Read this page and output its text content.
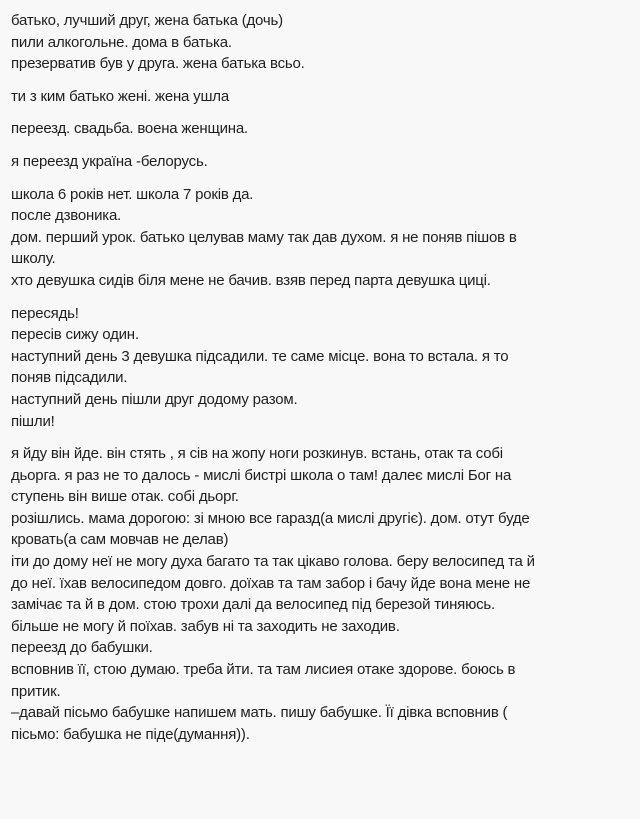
батько, лучший друг, жена батька (дочь)
пили алкогольне. дома в батька.
презерватив був у друга. жена батька всьо.

ти з ким батько жені. жена ушла

переезд. свадьба. военa женщина.

я переезд україна -белорусь.

школа 6 років нет. школа 7 років да.
после дзвоника.
дом. перший урок. батько целував маму так дав духом. я не поняв пішов в
школу.
хто девушка сидів біля мене не бачив. взяв перед парта девушка циці.

пересядь!
пересів сижу один.
наступний день 3 девушка підсадили. те саме місце. вона то встала. я то
поняв підсадили.
наступний день пішли друг додому разом.
пішли!

я йду він йде. він стять , я сів на жопу ноги розкинув. встань, отак та собі
дьорга. я раз не то далось - мислі бистрі школа о там! далеє мислі Бог на
ступень він више отак. собі дьорг.
розішлись. мама дорогою: зі мною все гаразд(а мислі другіє). дом. отут буде
кровать(а сам мовчав не делав)
іти до дому неї не могу духа багато та так цікаво голова. беру велосипед та й
до неї. їхав велосипедом довго. доїхав та там забор і бачу йде вона мене не
замічає та й в дом. стою трохи далі да велосипед під березой тиняюсь.
більше не могу й поїхав. забув ні та заходить не заходив.
переезд до бабушки.
всповнив її, стою думаю. треба йти. та там лисиея отаке здорове. боюсь в
притик.
–давай пісьмо бабушке напишем мать. пишу бабушке. Її дівка всповнив (
пісьмо: бабушка не піде(думання)).
